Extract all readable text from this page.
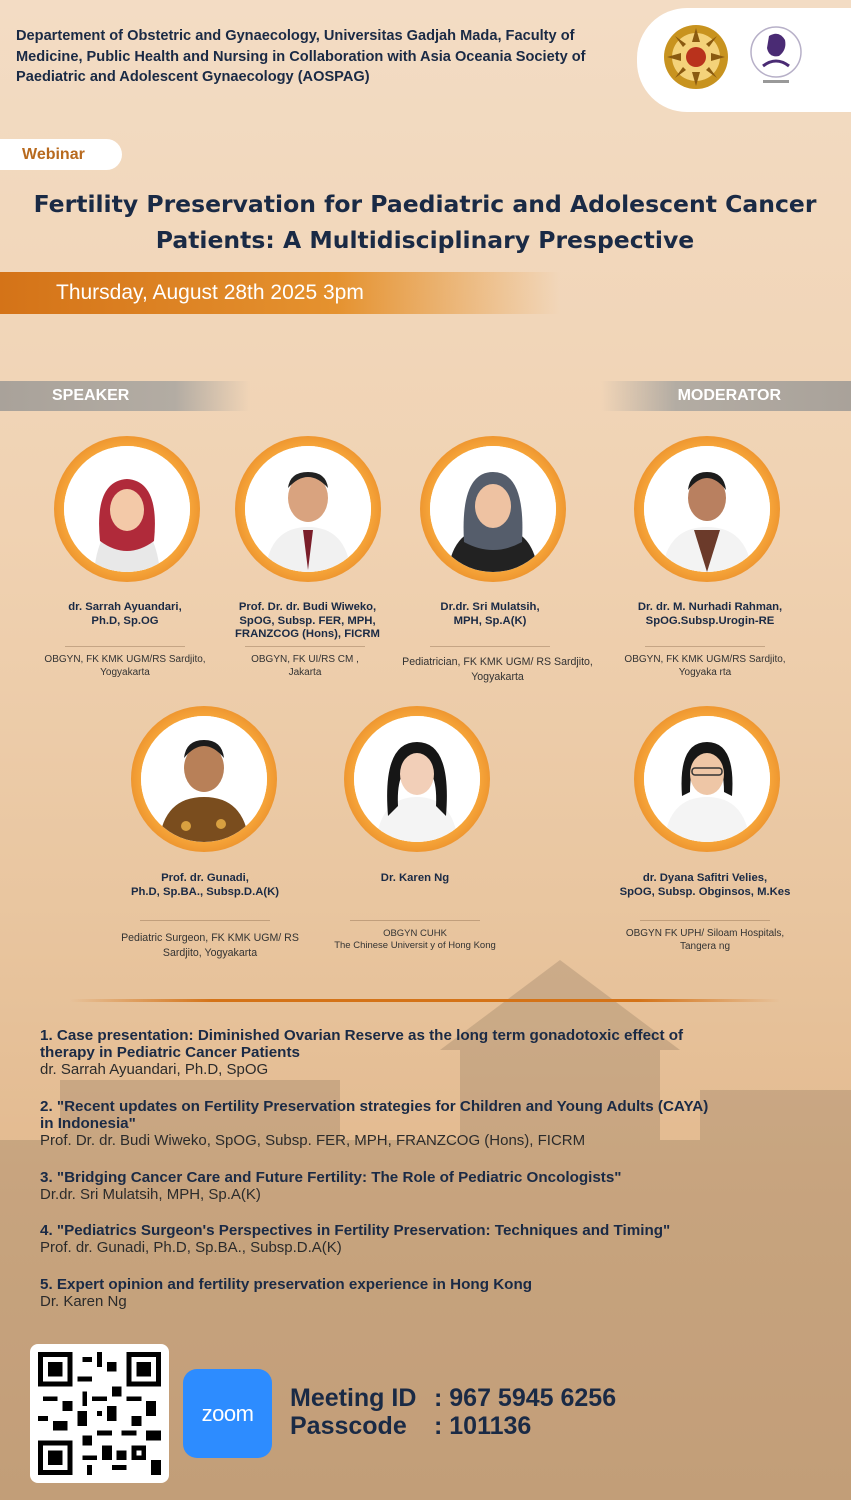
Departement of Obstetric and Gynaecology, Universitas Gadjah Mada, Faculty of Medicine, Public Health and Nursing in Collaboration with Asia Oceania Society of Paediatric and Adolescent Gynaecology (AOSPAG)
Webinar
Fertility Preservation for Paediatric and Adolescent Cancer
Patients: A Multidisciplinary Prespective
Thursday, August 28th 2025 3pm
SPEAKER	MODERATOR
dr. Sarrah Ayuandari,
Ph.D, Sp.OG
Prof. Dr. dr. Budi Wiweko,
SpOG, Subsp. FER, MPH,
FRANZCOG (Hons), FICRM
Dr.dr. Sri Mulatsih,
MPH, Sp.A(K)
Dr. dr. M. Nurhadi Rahman,
SpOG.Subsp.Urogin-RE
OBGYN, FK KMK UGM/RS Sardjito,
Yogyakarta
OBGYN, FK UI/RS CM ,
Jakarta
Pediatrician, FK KMK UGM/ RS Sardjito,
Yogyakarta
OBGYN, FK KMK UGM/RS Sardjito,
Yogyaka rta
Prof. dr. Gunadi,
Ph.D, Sp.BA., Subsp.D.A(K)
Dr. Karen Ng	dr. Dyana Safitri Velies,
SpOG, Subsp. Obginsos, M.Kes
Pediatric Surgeon, FK KMK UGM/ RS
Sardjito, Yogyakarta
OBGYN CUHK
The Chinese Universit y of Hong Kong
OBGYN FK UPH/ Siloam Hospitals,
Tangera ng
1. Case presentation: Diminished Ovarian Reserve as the long term gonadotoxic effect of
therapy in Pediatric Cancer Patients
dr. Sarrah Ayuandari, Ph.D, SpOG
2. "Recent updates on Fertility Preservation strategies for Children and Young Adults (CAYA)
in Indonesia"
Prof. Dr. dr. Budi Wiweko, SpOG, Subsp. FER, MPH, FRANZCOG (Hons), FICRM
3. "Bridging Cancer Care and Future Fertility: The Role of Pediatric Oncologists"
Dr.dr. Sri Mulatsih, MPH, Sp.A(K)
4. "Pediatrics Surgeon's Perspectives in Fertility Preservation: Techniques and Timing"
Prof. dr. Gunadi, Ph.D, Sp.BA., Subsp.D.A(K)
5. Expert opinion and fertility preservation experience in Hong Kong
Dr. Karen Ng
zoom
Meeting ID : 967 5945 6256
Passcode : 101136
